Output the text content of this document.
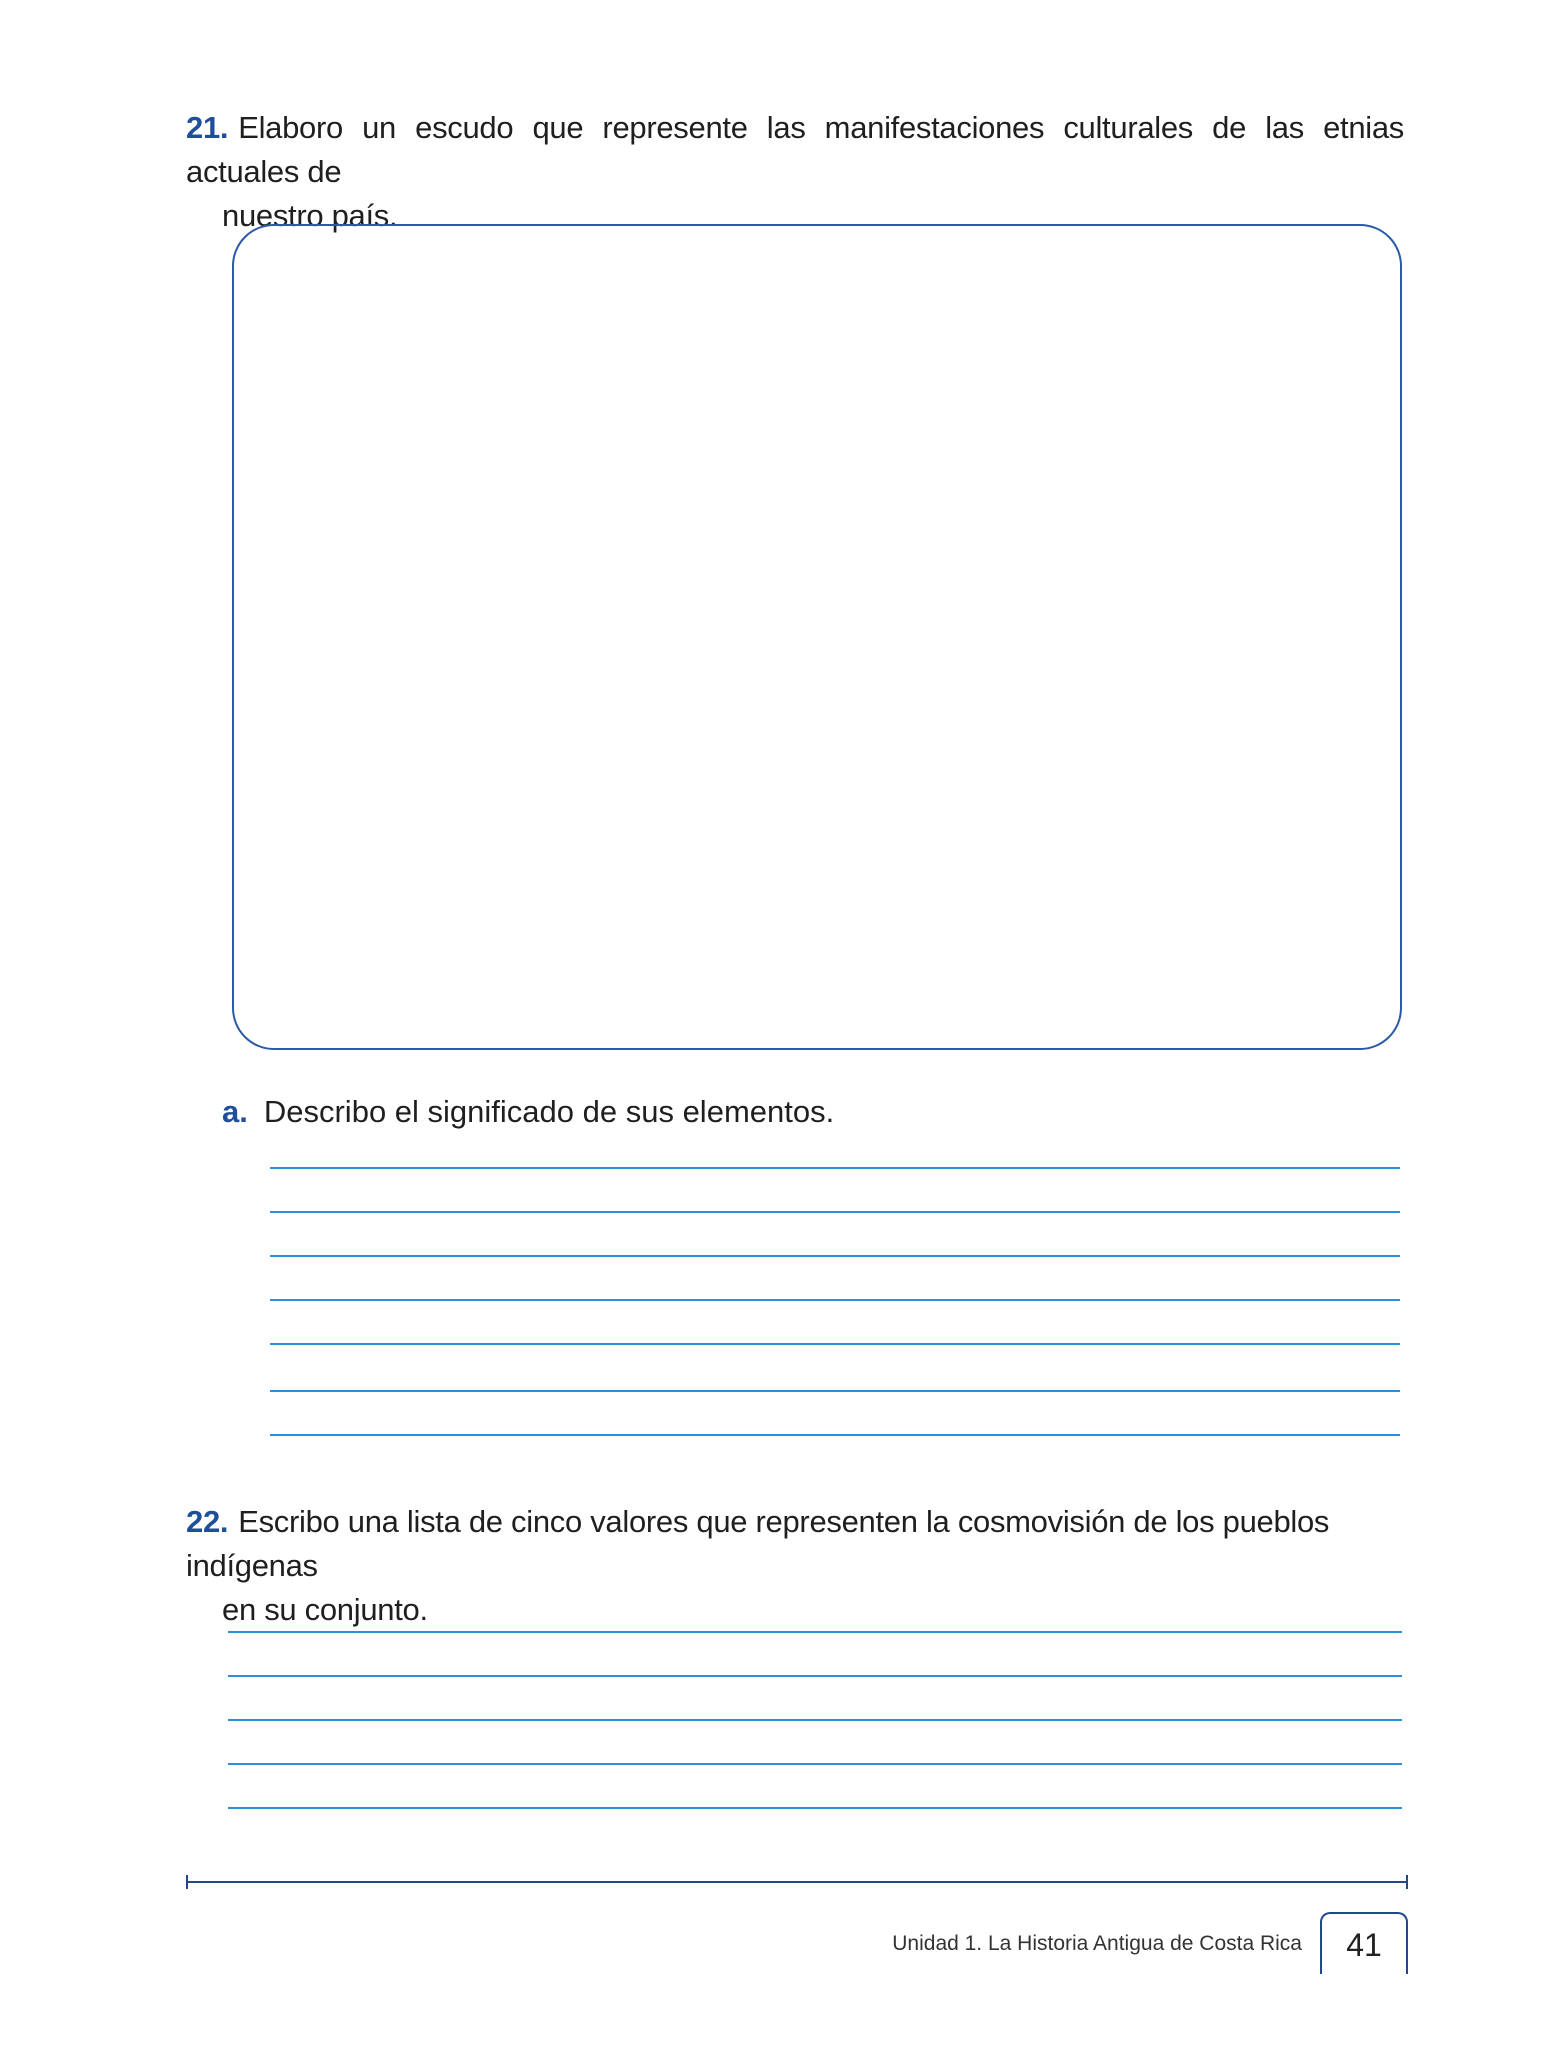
21. Elaboro un escudo que represente las manifestaciones culturales de las etnias actuales de
nuestro país.
a. Describo el significado de sus elementos.
22. Escribo una lista de cinco valores que representen la cosmovisión de los pueblos indígenas
en su conjunto.
Unidad 1. La Historia Antigua de Costa Rica	41
